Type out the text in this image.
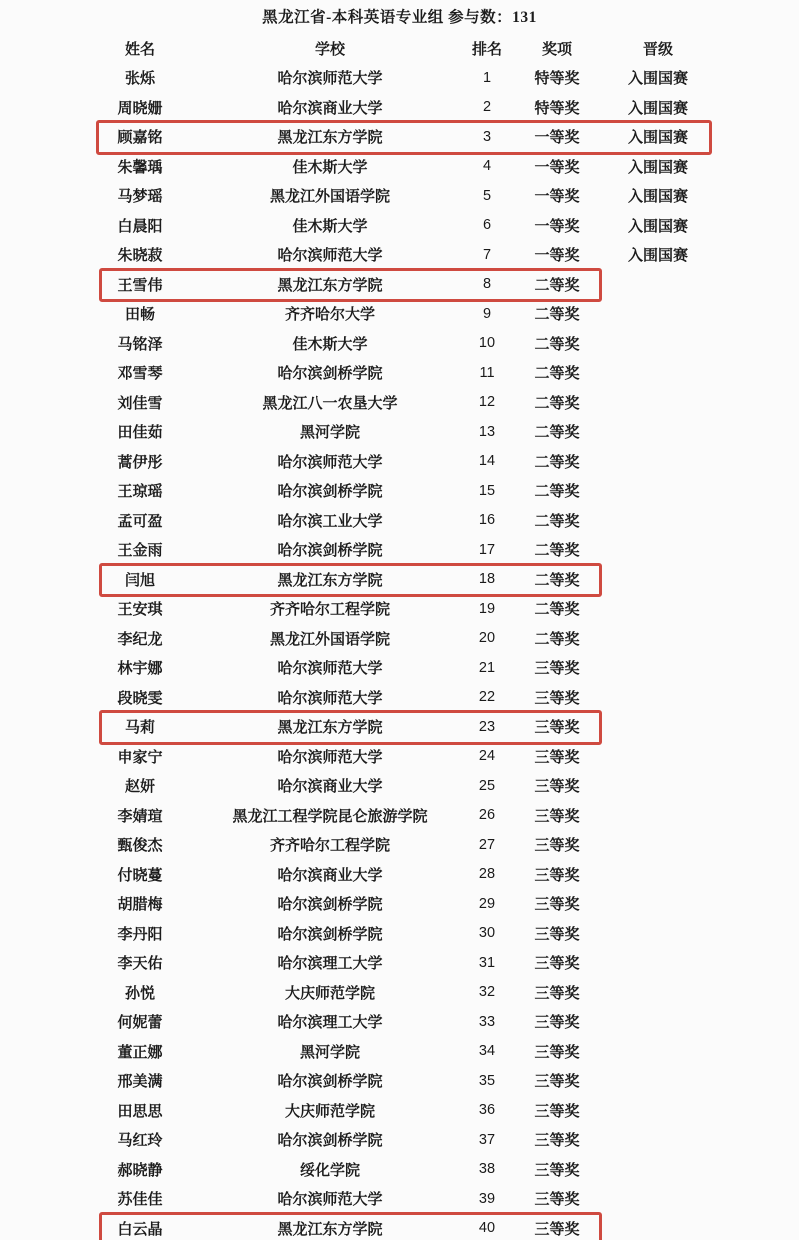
黑龙江省-本科英语专业组 参与数：131
姓名	学校	排名	奖项	晋级
张烁	哈尔滨师范大学	1	特等奖	入围国赛
周晓姗	哈尔滨商业大学	2	特等奖	入围国赛
顾嘉铭	黑龙江东方学院	3	一等奖	入围国赛
朱馨瑀	佳木斯大学	4	一等奖	入围国赛
马梦瑶	黑龙江外国语学院	5	一等奖	入围国赛
白晨阳	佳木斯大学	6	一等奖	入围国赛
朱晓菽	哈尔滨师范大学	7	一等奖	入围国赛
王雪伟	黑龙江东方学院	8	二等奖
田畅	齐齐哈尔大学	9	二等奖
马铭泽	佳木斯大学	10	二等奖
邓雪琴	哈尔滨剑桥学院	11	二等奖
刘佳雪	黑龙江八一农垦大学	12	二等奖
田佳茹	黑河学院	13	二等奖
蒿伊彤	哈尔滨师范大学	14	二等奖
王琼瑶	哈尔滨剑桥学院	15	二等奖
孟可盈	哈尔滨工业大学	16	二等奖
王金雨	哈尔滨剑桥学院	17	二等奖
闫旭	黑龙江东方学院	18	二等奖
王安琪	齐齐哈尔工程学院	19	二等奖
李纪龙	黑龙江外国语学院	20	二等奖
林宇娜	哈尔滨师范大学	21	三等奖
段晓雯	哈尔滨师范大学	22	三等奖
马莉	黑龙江东方学院	23	三等奖
申家宁	哈尔滨师范大学	24	三等奖
赵妍	哈尔滨商业大学	25	三等奖
李婧瑄	黑龙江工程学院昆仑旅游学院	26	三等奖
甄俊杰	齐齐哈尔工程学院	27	三等奖
付晓蔓	哈尔滨商业大学	28	三等奖
胡腊梅	哈尔滨剑桥学院	29	三等奖
李丹阳	哈尔滨剑桥学院	30	三等奖
李天佑	哈尔滨理工大学	31	三等奖
孙悦	大庆师范学院	32	三等奖
何妮蕾	哈尔滨理工大学	33	三等奖
董正娜	黑河学院	34	三等奖
邢美满	哈尔滨剑桥学院	35	三等奖
田思思	大庆师范学院	36	三等奖
马红玲	哈尔滨剑桥学院	37	三等奖
郝晓静	绥化学院	38	三等奖
苏佳佳	哈尔滨师范大学	39	三等奖
白云晶	黑龙江东方学院	40	三等奖
